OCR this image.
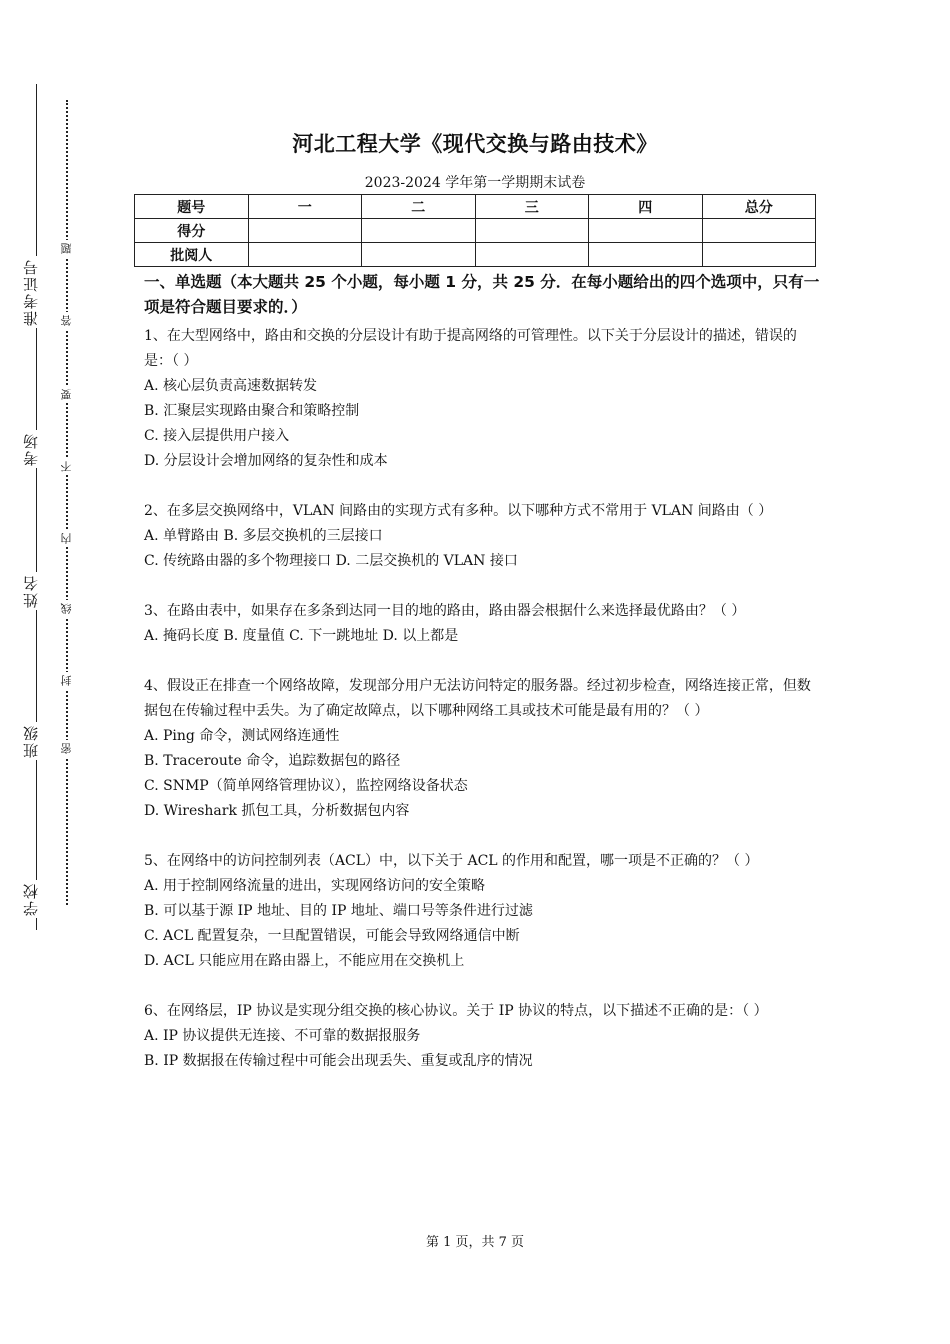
学校
班级
姓名
考场
准考证号
密
封
线
内
不
要
答
题
河北工程大学《现代交换与路由技术》
2023-2024 学年第一学期期末试卷
题号	一	二	三	四	总分
得分					
批阅人					
一、单选题（本大题共 25 个小题，每小题 1 分，共 25 分．在每小题给出的四个选项中，只有一项是符合题目要求的．）
1、在大型网络中，路由和交换的分层设计有助于提高网络的可管理性。以下关于分层设计的描述，错误的是：（ ）
A. 核心层负责高速数据转发
B. 汇聚层实现路由聚合和策略控制
C. 接入层提供用户接入
D. 分层设计会增加网络的复杂性和成本
2、在多层交换网络中，VLAN 间路由的实现方式有多种。以下哪种方式不常用于 VLAN 间路由（ ）
A. 单臂路由 B. 多层交换机的三层接口
C. 传统路由器的多个物理接口 D. 二层交换机的 VLAN 接口
3、在路由表中，如果存在多条到达同一目的地的路由，路由器会根据什么来选择最优路由？（ ）
A. 掩码长度 B. 度量值 C. 下一跳地址 D. 以上都是
4、假设正在排查一个网络故障，发现部分用户无法访问特定的服务器。经过初步检查，网络连接正常，但数据包在传输过程中丢失。为了确定故障点，以下哪种网络工具或技术可能是最有用的？（ ）
A. Ping 命令，测试网络连通性
B. Traceroute 命令，追踪数据包的路径
C. SNMP（简单网络管理协议），监控网络设备状态
D. Wireshark 抓包工具，分析数据包内容
5、在网络中的访问控制列表（ACL）中，以下关于 ACL 的作用和配置，哪一项是不正确的？（ ）
A. 用于控制网络流量的进出，实现网络访问的安全策略
B. 可以基于源 IP 地址、目的 IP 地址、端口号等条件进行过滤
C. ACL 配置复杂，一旦配置错误，可能会导致网络通信中断
D. ACL 只能应用在路由器上，不能应用在交换机上
6、在网络层，IP 协议是实现分组交换的核心协议。关于 IP 协议的特点，以下描述不正确的是：（ ）
A. IP 协议提供无连接、不可靠的数据报服务
B. IP 数据报在传输过程中可能会出现丢失、重复或乱序的情况
第 1 页，共 7 页
